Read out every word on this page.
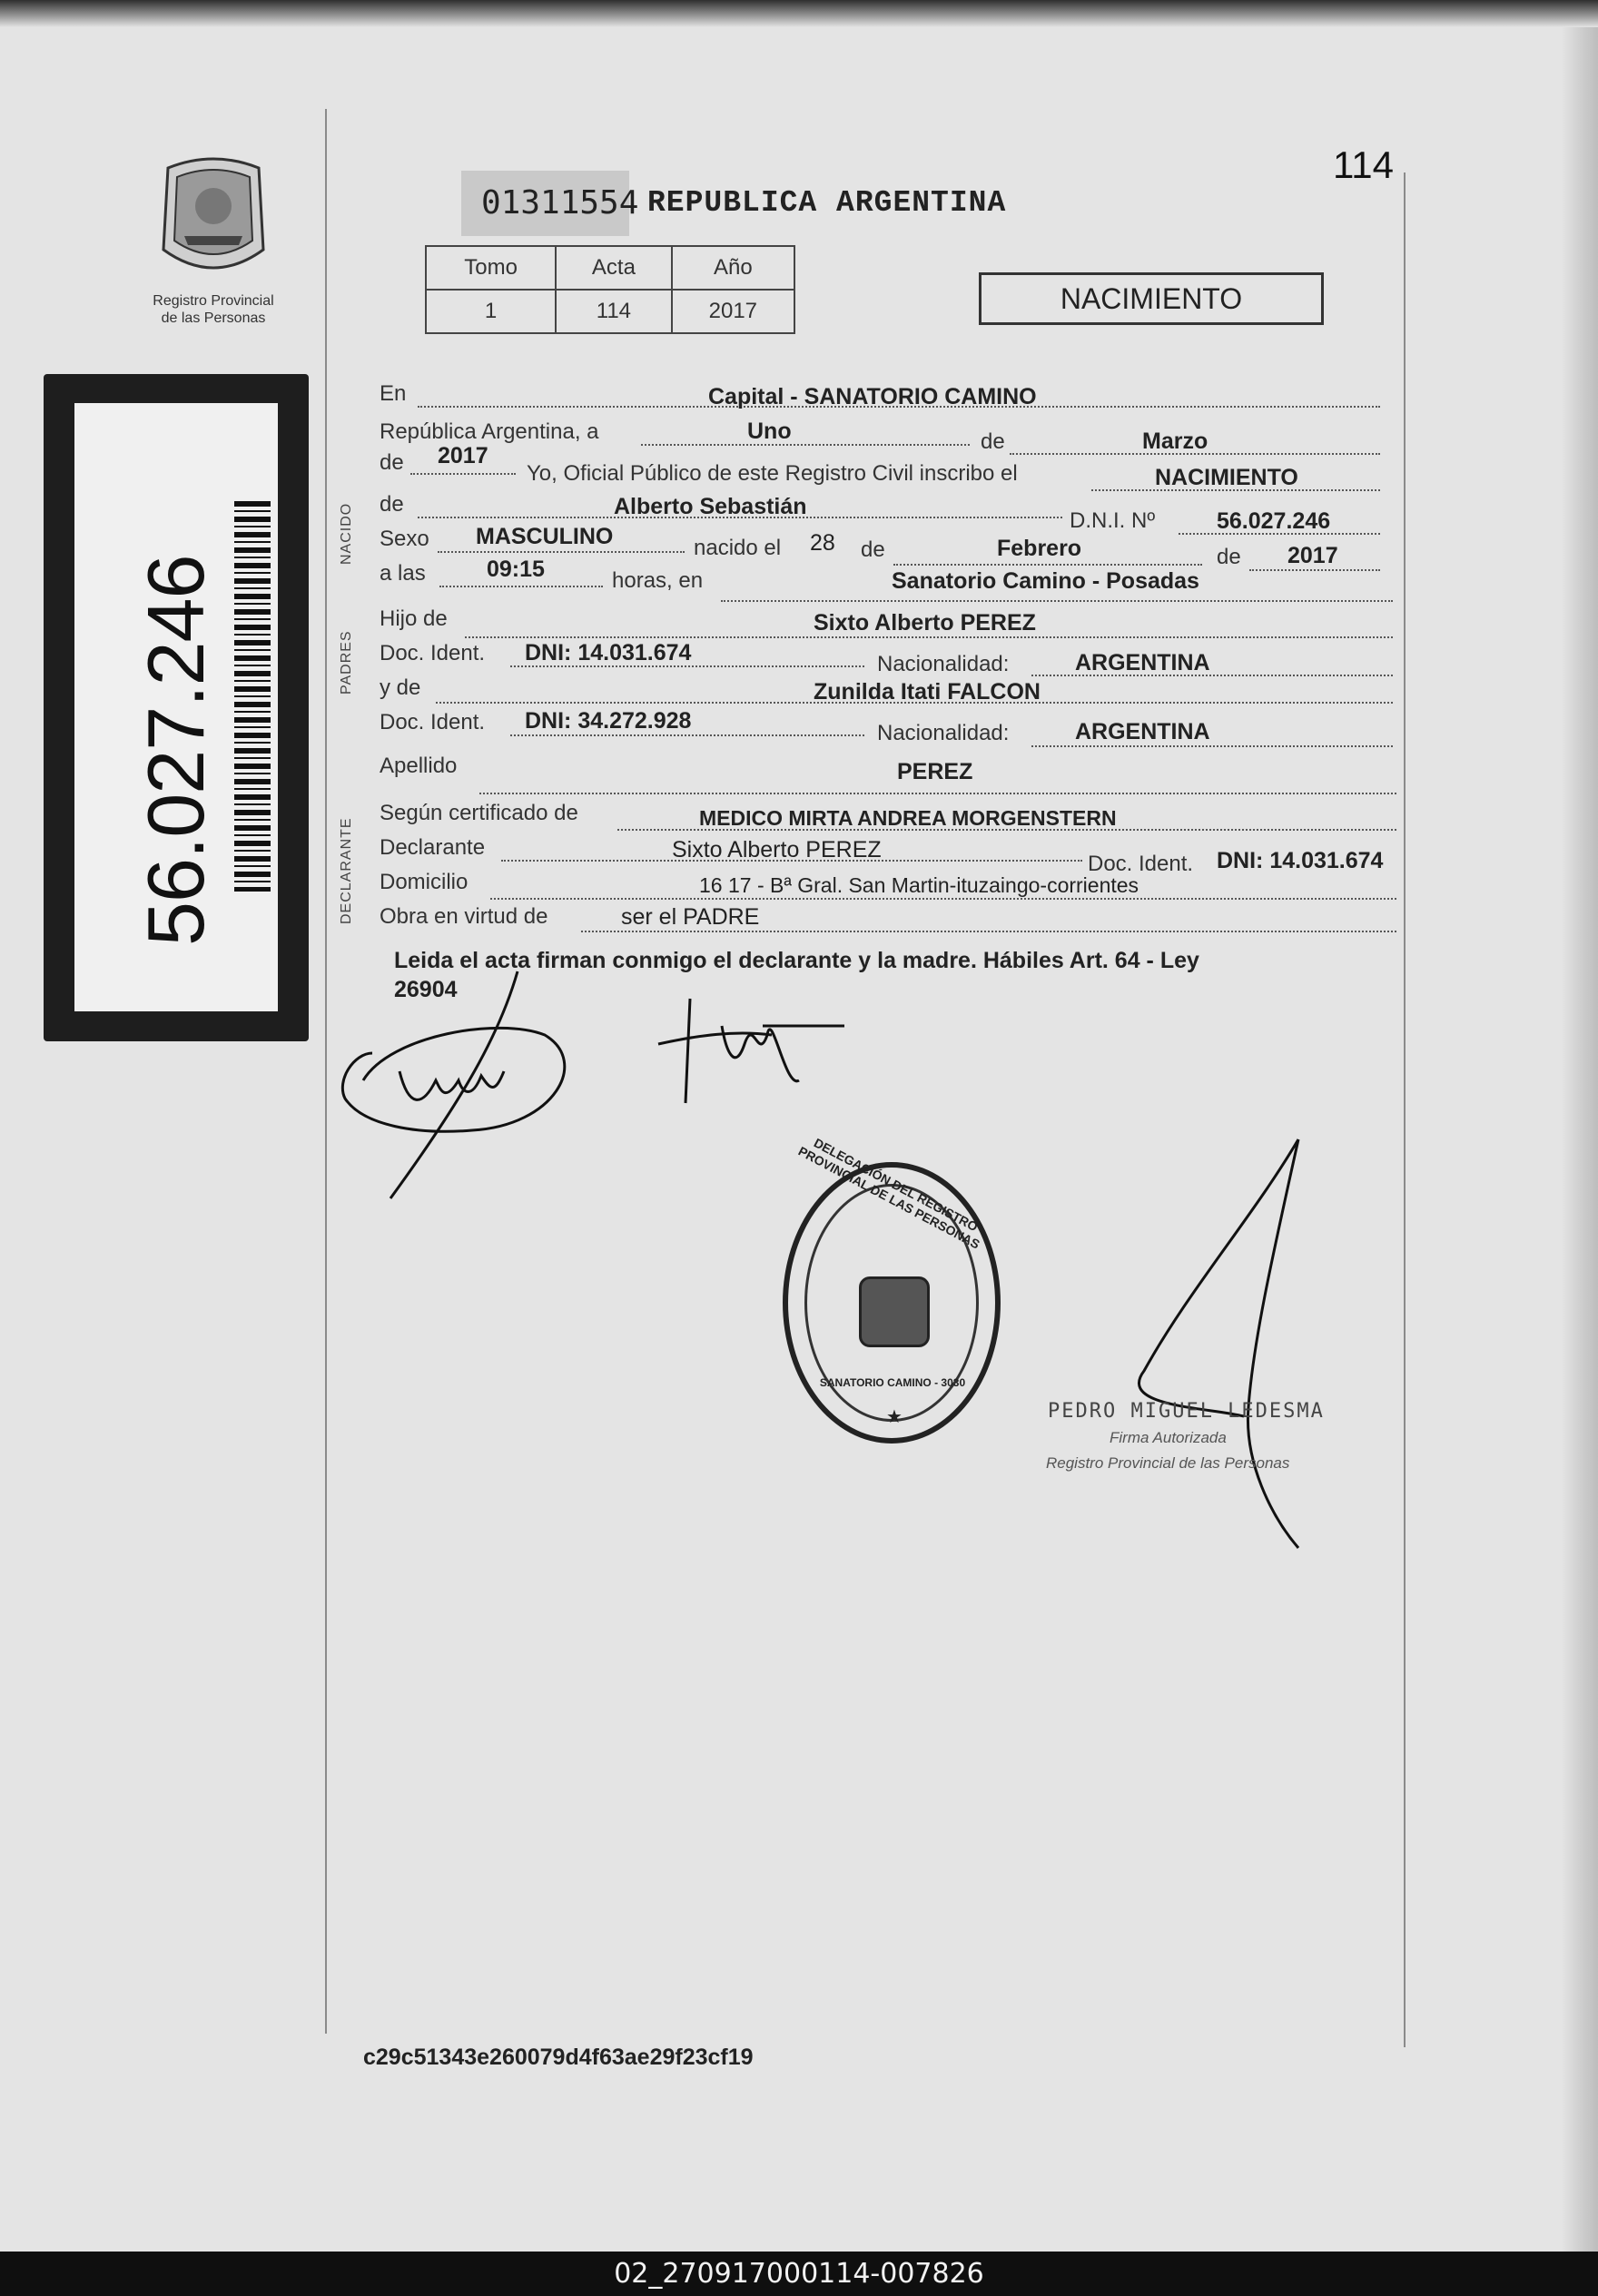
Registro Provincial
de las Personas
56.027.246
01311554 REPUBLICA ARGENTINA
114
Tomo	Acta	Año
1	114	2017	NACIMIENTO
NACIDO
PADRES
DECLARANTE
En	Capital - SANATORIO CAMINO
República Argentina, a	Uno	de	Marzo
de 2017
Yo, Oficial Público de este Registro Civil inscribo el	NACIMIENTO
de	Alberto Sebastián
D.N.I. Nº	56.027.246
Sexo MASCULINO	nacido el 28 de	Febrero	de 2017
a las	09:15	horas, en	Sanatorio Camino - Posadas
Hijo de	Sixto Alberto PEREZ
Doc. Ident. DNI: 14.031.674	Nacionalidad:	ARGENTINA
y de	Zunilda Itati FALCON
Doc. Ident. DNI: 34.272.928	Nacionalidad:	ARGENTINA
Apellido	PEREZ
Según certificado de	MEDICO MIRTA ANDREA MORGENSTERN
Declarante	Sixto Alberto PEREZ
Doc. Ident. DNI: 14.031.674
Domicilio	16 17 - Bª Gral. San Martin-ituzaingo-corrientes
Obra en virtud de	ser el PADRE
Leida el acta firman conmigo el declarante y la madre. Hábiles Art. 64 - Ley
26904
DELEGACIÓN DEL REGISTRO PROVINCIAL DE LAS PERSONAS
SANATORIO CAMINO - 3030
★	PEDRO MIGUEL LEDESMA
Firma Autorizada
Registro Provincial de las Personas
c29c51343e260079d4f63ae29f23cf19
02_270917000114-007826
